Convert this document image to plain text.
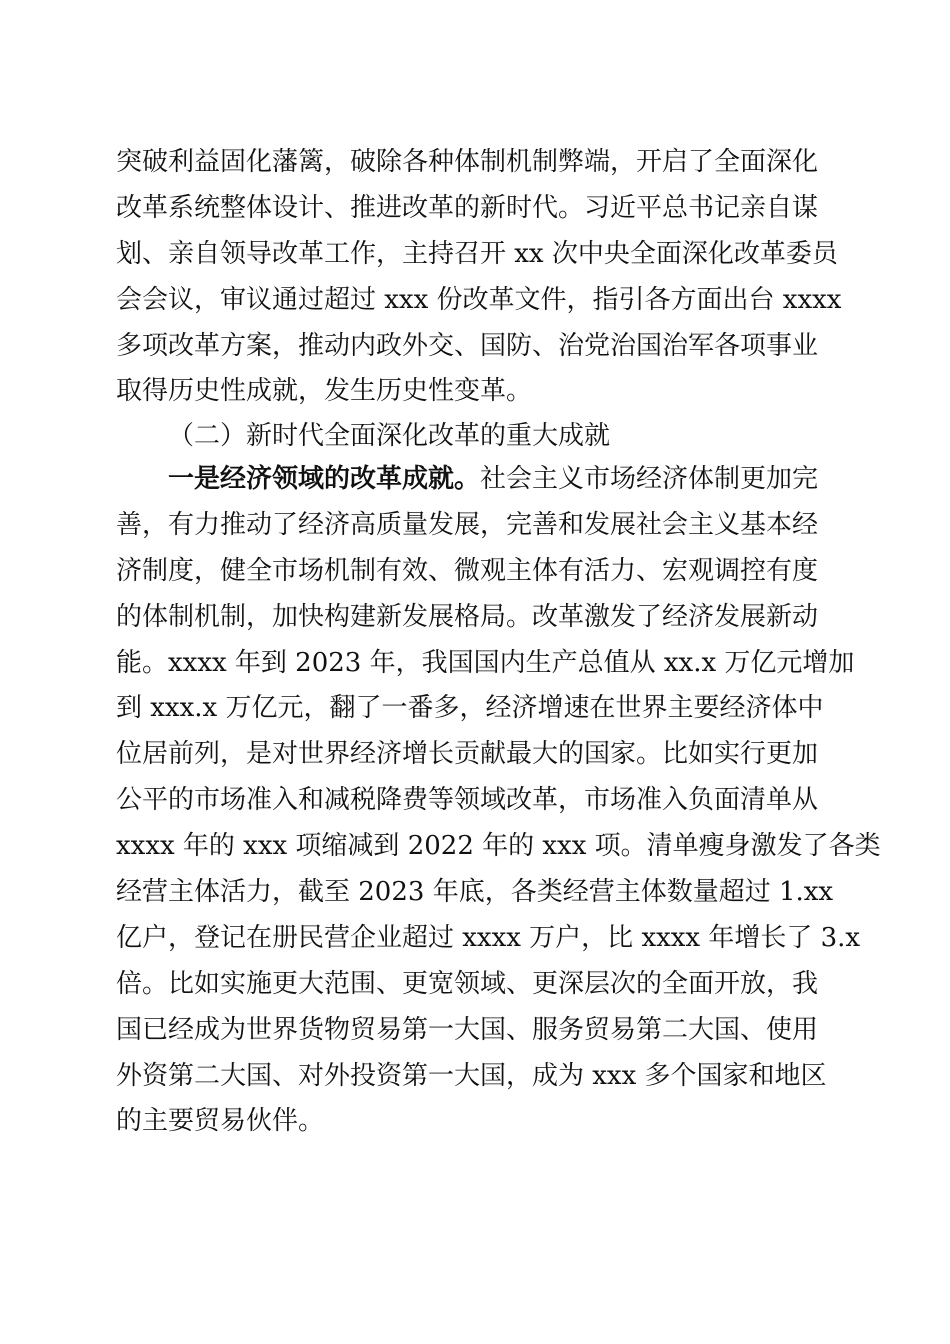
突破利益固化藩篱，破除各种体制机制弊端，开启了全面深化
改革系统整体设计、推进改革的新时代。习近平总书记亲自谋
划、亲自领导改革工作，主持召开 xx 次中央全面深化改革委员
会会议，审议通过超过 xxx 份改革文件，指引各方面出台 xxxx
多项改革方案，推动内政外交、国防、治党治国治军各项事业
取得历史性成就，发生历史性变革。
（二）新时代全面深化改革的重大成就
一是经济领域的改革成就。社会主义市场经济体制更加完
善，有力推动了经济高质量发展，完善和发展社会主义基本经
济制度，健全市场机制有效、微观主体有活力、宏观调控有度
的体制机制，加快构建新发展格局。改革激发了经济发展新动
能。xxxx 年到 2023 年，我国国内生产总值从 xx.x 万亿元增加
到 xxx.x 万亿元，翻了一番多，经济增速在世界主要经济体中
位居前列，是对世界经济增长贡献最大的国家。比如实行更加
公平的市场准入和减税降费等领域改革，市场准入负面清单从
xxxx 年的 xxx 项缩减到 2022 年的 xxx 项。清单瘦身激发了各类
经营主体活力，截至 2023 年底，各类经营主体数量超过 1.xx
亿户，登记在册民营企业超过 xxxx 万户，比 xxxx 年增长了 3.x
倍。比如实施更大范围、更宽领域、更深层次的全面开放，我
国已经成为世界货物贸易第一大国、服务贸易第二大国、使用
外资第二大国、对外投资第一大国，成为 xxx 多个国家和地区
的主要贸易伙伴。
